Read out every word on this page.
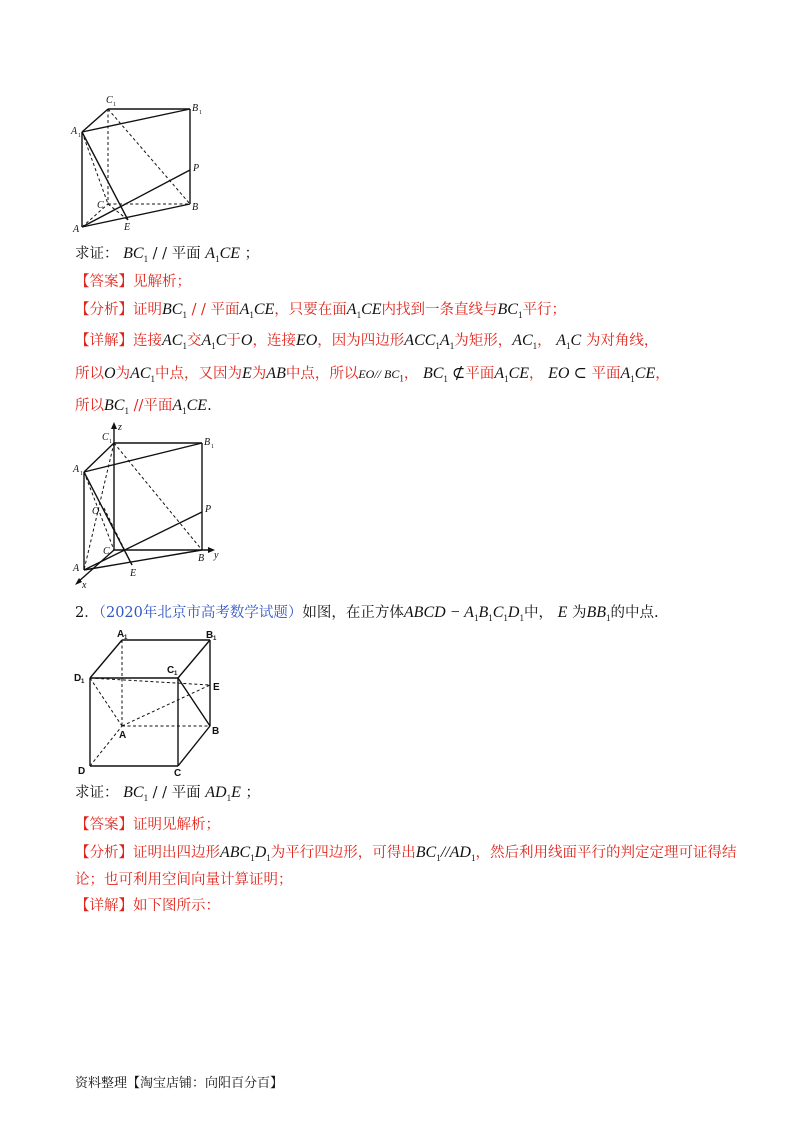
C 1	B 1
A 1
P
C	B
A	E
求证： $BC_1$ / / 平面 $A_1CE$ ；
【答案】见解析；
【分析】证明$BC_1$ / / 平面$A_1CE$，只要在面$A_1CE$内找到一条直线与$BC_1$平行；
【详解】连接$AC_1$交$A_1C$于O，连接EO，因为四边形$ACC_1A_1$为矩形，$AC_1$， $A_1C$ 为对角线，
所以O为$AC_1$中点，又因为E为AB中点，所以EO// $BC_1$， $BC_1$ ⊄平面$A_1CE$， EO ⊂ 平面$A_1CE$，
所以$BC_1$ //平面$A_1CE$.
z
C 1	B 1
A 1
O	P
C
B y
A	E
x
2．（2020年北京市高考数学试题）如图，在正方体ABCD − $A_1B_1C_1D_1$中， E 为$BB_1$的中点.
A 1	B 1
C 1
D 1	E
A	B
D	C
求证： $BC_1$ / / 平面 $AD_1E$ ；
【答案】证明见解析；
【分析】证明出四边形$ABC_1D_1$为平行四边形，可得出$BC_1//AD_1$，然后利用线面平行的判定定理可证得结
论；也可利用空间向量计算证明；
【详解】如下图所示：
资料整理【淘宝店铺：向阳百分百】
